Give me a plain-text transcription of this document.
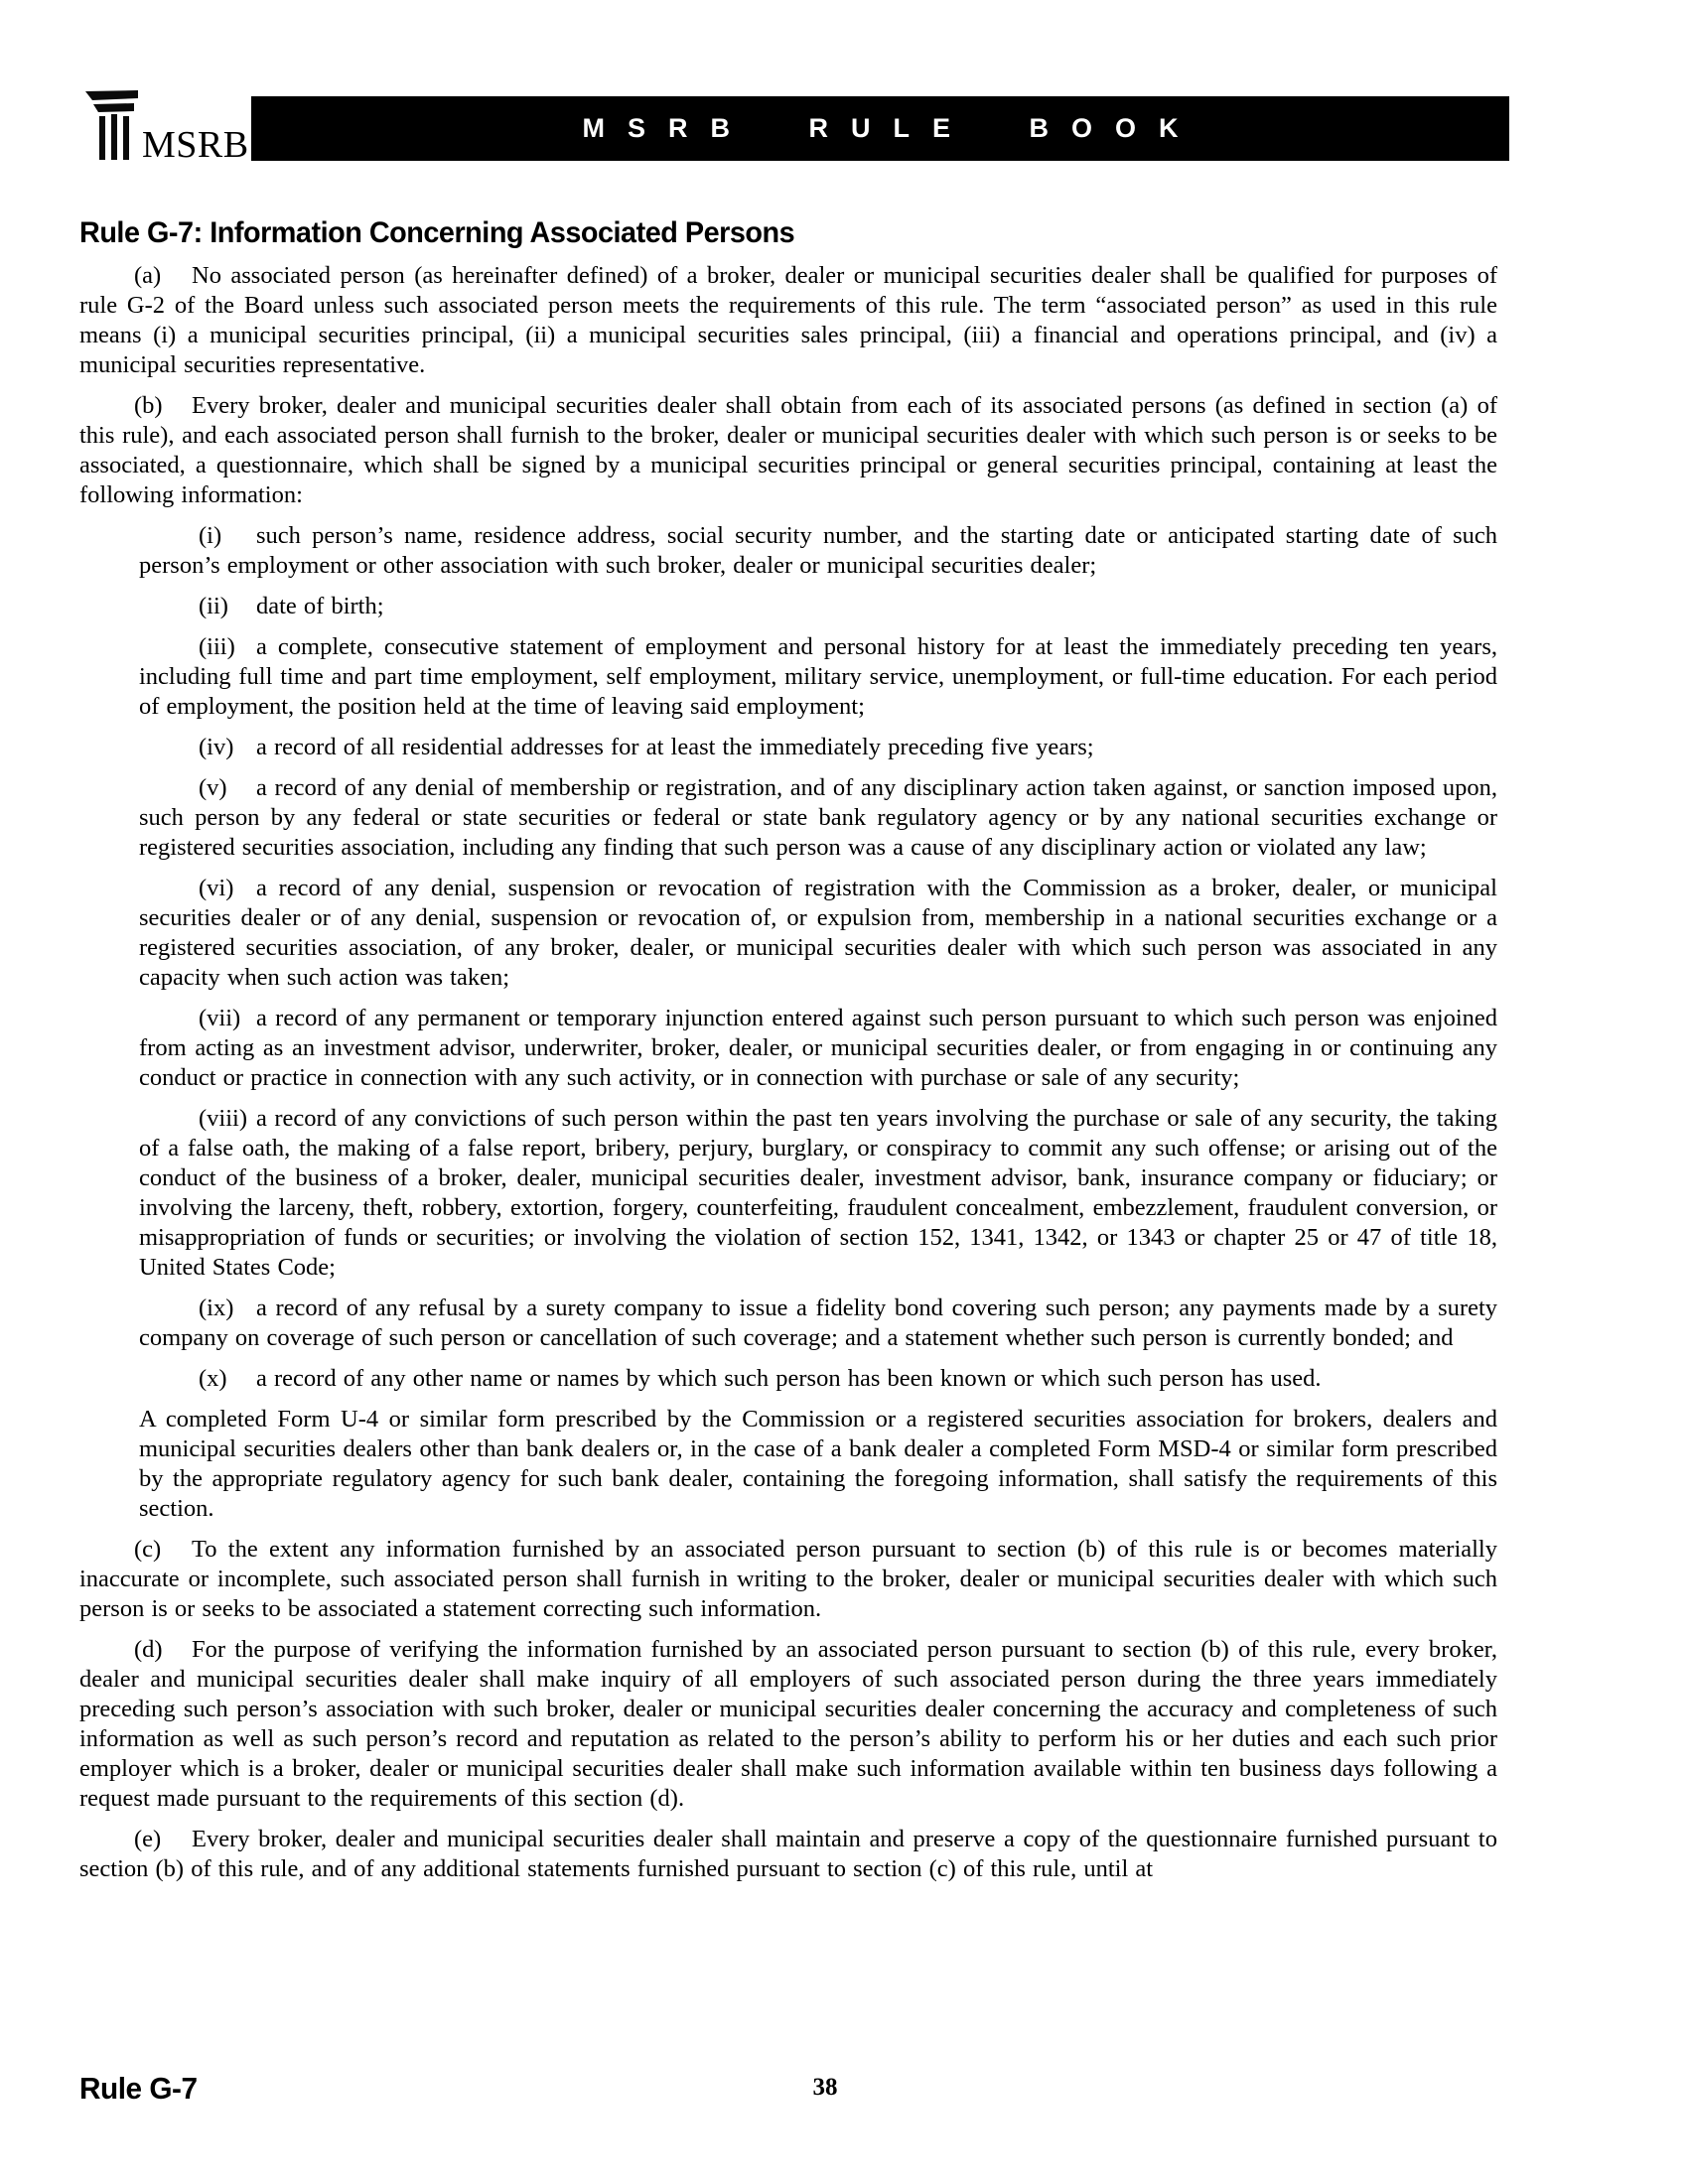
MSRB	MSRB RULE BOOK
Rule G-7: Information Concerning Associated Persons

(a) No associated person (as hereinafter defined) of a broker, dealer or municipal securities dealer shall be qualified for purposes of rule G-2 of the Board unless such associated person meets the requirements of this rule. The term “associated person” as used in this rule means (i) a municipal securities principal, (ii) a municipal securities sales principal, (iii) a financial and operations principal, and (iv) a municipal securities representative.

(b) Every broker, dealer and municipal securities dealer shall obtain from each of its associated persons (as defined in section (a) of this rule), and each associated person shall furnish to the broker, dealer or municipal securities dealer with which such person is or seeks to be associated, a questionnaire, which shall be signed by a municipal securities principal or general securities principal, containing at least the following information:

(i) such person’s name, residence address, social security number, and the starting date or anticipated starting date of such person’s employment or other association with such broker, dealer or municipal securities dealer;

(ii) date of birth;

(iii) a complete, consecutive statement of employment and personal history for at least the immediately preceding ten years, including full time and part time employment, self employment, military service, unemployment, or full-time education. For each period of employment, the position held at the time of leaving said employment;

(iv) a record of all residential addresses for at least the immediately preceding five years;

(v) a record of any denial of membership or registration, and of any disciplinary action taken against, or sanction imposed upon, such person by any federal or state securities or federal or state bank regulatory agency or by any national securities exchange or registered securities association, including any finding that such person was a cause of any disciplinary action or violated any law;

(vi) a record of any denial, suspension or revocation of registration with the Commission as a broker, dealer, or municipal securities dealer or of any denial, suspension or revocation of, or expulsion from, membership in a national securities exchange or a registered securities association, of any broker, dealer, or municipal securities dealer with which such person was associated in any capacity when such action was taken;

(vii) a record of any permanent or temporary injunction entered against such person pursuant to which such person was enjoined from acting as an investment advisor, underwriter, broker, dealer, or municipal securities dealer, or from engaging in or continuing any conduct or practice in connection with any such activity, or in connection with purchase or sale of any security;

(viii) a record of any convictions of such person within the past ten years involving the purchase or sale of any security, the taking of a false oath, the making of a false report, bribery, perjury, burglary, or conspiracy to commit any such offense; or arising out of the conduct of the business of a broker, dealer, municipal securities dealer, investment advisor, bank, insurance company or fiduciary; or involving the larceny, theft, robbery, extortion, forgery, counterfeiting, fraudulent concealment, embezzlement, fraudulent conversion, or misappropriation of funds or securities; or involving the violation of section 152, 1341, 1342, or 1343 or chapter 25 or 47 of title 18, United States Code;

(ix) a record of any refusal by a surety company to issue a fidelity bond covering such person; any payments made by a surety company on coverage of such person or cancellation of such coverage; and a statement whether such person is currently bonded; and

(x) a record of any other name or names by which such person has been known or which such person has used.

A completed Form U-4 or similar form prescribed by the Commission or a registered securities association for brokers, dealers and municipal securities dealers other than bank dealers or, in the case of a bank dealer a completed Form MSD-4 or similar form prescribed by the appropriate regulatory agency for such bank dealer, containing the foregoing information, shall satisfy the requirements of this section.

(c) To the extent any information furnished by an associated person pursuant to section (b) of this rule is or becomes materially inaccurate or incomplete, such associated person shall furnish in writing to the broker, dealer or municipal securities dealer with which such person is or seeks to be associated a statement correcting such information.

(d) For the purpose of verifying the information furnished by an associated person pursuant to section (b) of this rule, every broker, dealer and municipal securities dealer shall make inquiry of all employers of such associated person during the three years immediately preceding such person’s association with such broker, dealer or municipal securities dealer concerning the accuracy and completeness of such information as well as such person’s record and reputation as related to the person’s ability to perform his or her duties and each such prior employer which is a broker, dealer or municipal securities dealer shall make such information available within ten business days following a request made pursuant to the requirements of this section (d).

(e) Every broker, dealer and municipal securities dealer shall maintain and preserve a copy of the questionnaire furnished pursuant to section (b) of this rule, and of any additional statements furnished pursuant to section (c) of this rule, until at

Rule G-7	38
